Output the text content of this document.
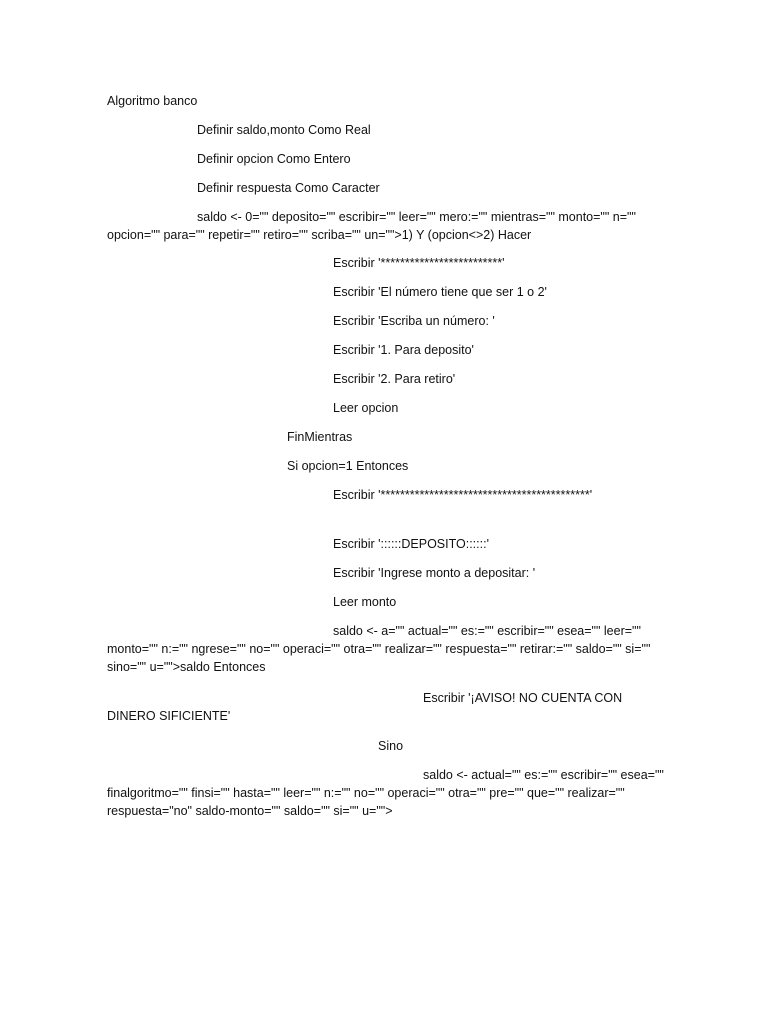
Algoritmo banco
Definir saldo,monto Como Real
Definir opcion Como Entero
Definir respuesta Como Caracter
saldo <- 0="" deposito="" escribir="" leer="" mero:="" mientras="" monto="" n="" opcion="" para="" repetir="" retiro="" scriba="" un="">1) Y (opcion<>2) Hacer
Escribir '*************************'
Escribir 'El número tiene que ser 1 o 2'
Escribir 'Escriba un número: '
Escribir '1. Para deposito'
Escribir '2. Para retiro'
Leer opcion
FinMientras
Si opcion=1 Entonces
Escribir '*******************************************'
Escribir '::::::DEPOSITO::::::'
Escribir 'Ingrese monto a depositar: '
Leer monto
saldo <- a="" actual="" es:="" escribir="" esea="" leer="" monto="" n:="" ngrese="" no="" operaci="" otra="" realizar="" respuesta="" retirar:="" saldo="" si="" sino="" u="">saldo Entonces
Escribir '¡AVISO! NO CUENTA CON DINERO SIFICIENTE'
Sino
saldo <- actual="" es:="" escribir="" esea="" finalgoritmo="" finsi="" hasta="" leer="" n:="" no="" operaci="" otra="" pre="" que="" realizar="" respuesta="no" saldo-monto="" saldo="" si="" u="">
